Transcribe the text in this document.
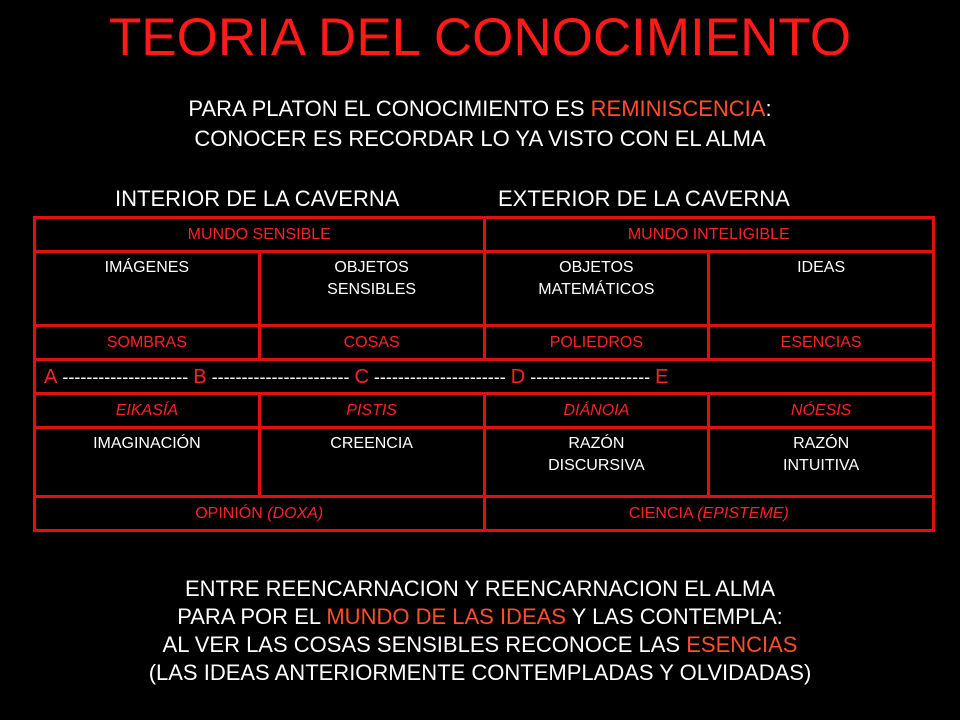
TEORIA DEL CONOCIMIENTO
PARA PLATON EL CONOCIMIENTO ES REMINISCENCIA:
CONOCER ES RECORDAR LO YA VISTO CON EL ALMA
INTERIOR DE LA CAVERNA	EXTERIOR DE LA CAVERNA
MUNDO SENSIBLE		MUNDO INTELIGIBLE	
IMÁGENES	OBJETOS SENSIBLES	OBJETOS MATEMÁTICOS	IDEAS
SOMBRAS	COSAS	POLIEDROS	ESENCIAS
A --------------------- B ----------------------- C ---------------------- D -------------------- E			
EIKASÍA	PISTIS	DIÁNOIA	NÓESIS
IMAGINACIÓN	CREENCIA	RAZÓN DISCURSIVA	RAZÓN INTUITIVA
OPINIÓN (DOXA)		CIENCIA (EPISTEME)	
ENTRE REENCARNACION Y REENCARNACION EL ALMA
PARA POR EL MUNDO DE LAS IDEAS Y LAS CONTEMPLA:
AL VER LAS COSAS SENSIBLES RECONOCE LAS ESENCIAS
(LAS IDEAS ANTERIORMENTE CONTEMPLADAS Y OLVIDADAS)
